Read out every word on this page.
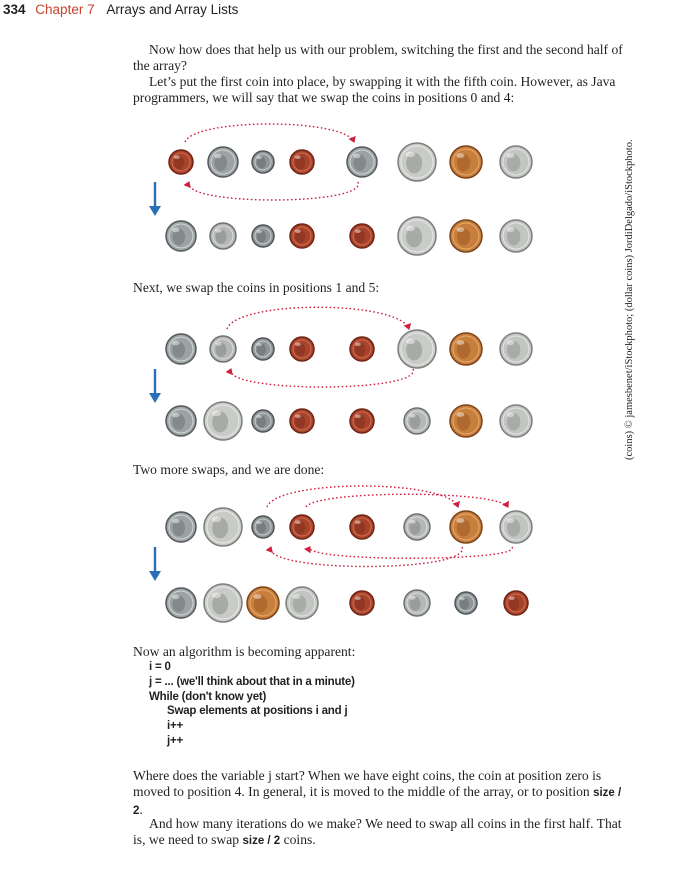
334 Chapter 7 Arrays and Array Lists
Now how does that help us with our problem, switching the first and the second half of the array?
Let’s put the first coin into place, by swapping it with the fifth coin. However, as Java programmers, we will say that we swap the coins in positions 0 and 4:
Next, we swap the coins in positions 1 and 5:
Two more swaps, and we are done:
Now an algorithm is becoming apparent:
i = 0
j = ... (we'll think about that in a minute)
While (don't know yet)
Swap elements at positions i and j
i++
j++
Where does the variable j start? When we have eight coins, the coin at position zero is moved to position 4. In general, it is moved to the middle of the array, or to position size / 2.
And how many iterations do we make? We need to swap all coins in the first half. That is, we need to swap size / 2 coins.
(coins) © jamesbenet/iStockphoto; (dollar coins) JordiDelgado/iStockphoto.
